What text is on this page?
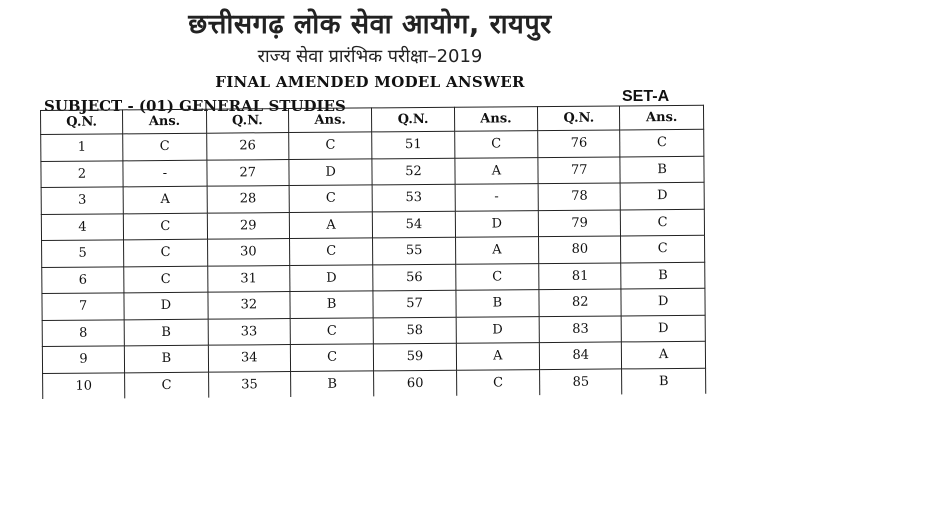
छत्तीसगढ़ लोक सेवा आयोग, रायपुर
राज्य सेवा प्रारंभिक परीक्षा–2019
FINAL AMENDED MODEL ANSWER
SUBJECT - (01) GENERAL STUDIES
SET-A
Q.N.	Ans.	Q.N.	Ans.	Q.N.	Ans.	Q.N.	Ans.
1	C	26	C	51	C	76	C
2	-	27	D	52	A	77	B
3	A	28	C	53	-	78	D
4	C	29	A	54	D	79	C
5	C	30	C	55	A	80	C
6	C	31	D	56	C	81	B
7	D	32	B	57	B	82	D
8	B	33	C	58	D	83	D
9	B	34	C	59	A	84	A
10	C	35	B	60	C	85	B
